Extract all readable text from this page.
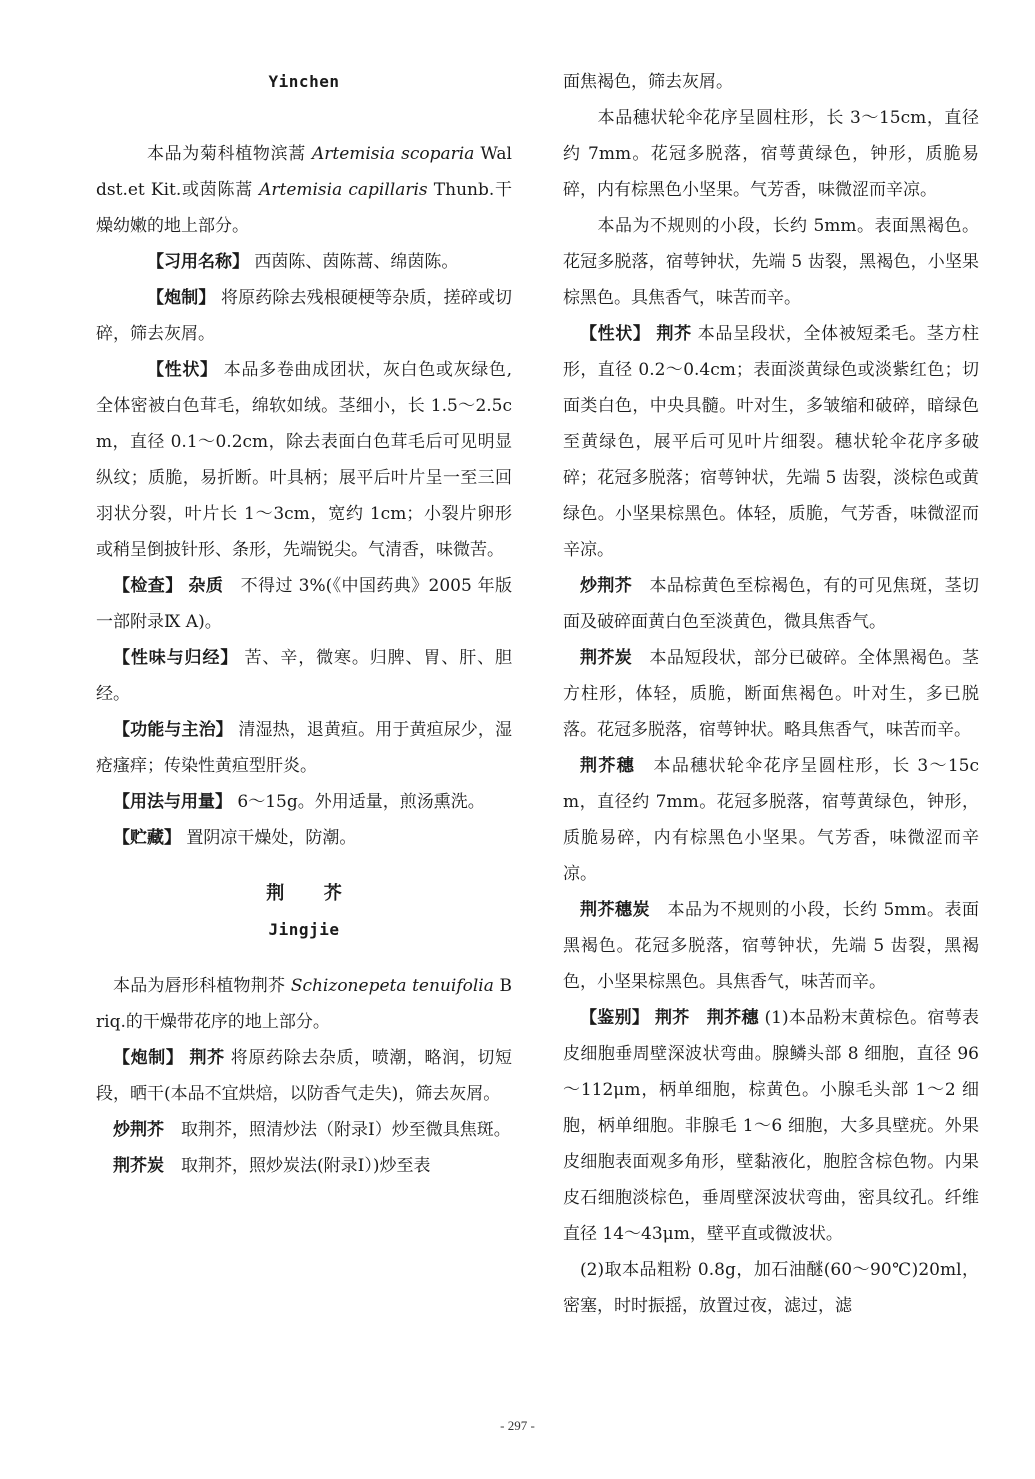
Yinchen

本品为菊科植物滨蒿 Artemisia scoparia Waldst.et Kit.或茵陈蒿 Artemisia capillaris Thunb.干燥幼嫩的地上部分。

【习用名称】 西茵陈、茵陈蒿、绵茵陈。

【炮制】 将原药除去残根硬梗等杂质，搓碎或切碎，筛去灰屑。

【性状】 本品多卷曲成团状，灰白色或灰绿色,全体密被白色茸毛，绵软如绒。茎细小，长 1.5～2.5cm，直径 0.1～0.2cm，除去表面白色茸毛后可见明显纵纹；质脆，易折断。叶具柄；展平后叶片呈一至三回羽状分裂，叶片长 1～3cm，宽约 1cm；小裂片卵形或稍呈倒披针形、条形，先端锐尖。气清香，味微苦。

【检查】 杂质　 不得过 3%(《中国药典》2005 年版一部附录Ⅸ A)。

【性味与归经】 苦、辛，微寒。归脾、胃、肝、胆经。

【功能与主治】 清湿热，退黄疸。用于黄疸尿少，湿疮瘙痒；传染性黄疸型肝炎。

【用法与用量】 6～15g。外用适量，煎汤熏洗。

【贮藏】 置阴凉干燥处，防潮。

荆芥

Jingjie

本品为唇形科植物荆芥 Schizonepeta tenuifolia Briq.的干燥带花序的地上部分。

【炮制】 荆芥 将原药除去杂质，喷潮，略润，切短段，晒干(本品不宜烘焙，以防香气走失)，筛去灰屑。

炒荆芥　 取荆芥，照清炒法（附录Ⅰ）炒至微具焦斑。

荆芥炭　 取荆芥，照炒炭法(附录Ⅰ）)炒至表

面焦褐色，筛去灰屑。

　本品穗状轮伞花序呈圆柱形，长 3～15cm，直径约 7mm。花冠多脱落，宿萼黄绿色，钟形，质脆易碎，内有棕黑色小坚果。气芳香，味微涩而辛凉。

　本品为不规则的小段，长约 5mm。表面黑褐色。花冠多脱落，宿萼钟状，先端 5 齿裂，黑褐色，小坚果棕黑色。具焦香气，味苦而辛。

【性状】 荆芥 本品呈段状，全体被短柔毛。茎方柱形，直径 0.2～0.4cm；表面淡黄绿色或淡紫红色；切面类白色，中央具髓。叶对生，多皱缩和破碎，暗绿色至黄绿色，展平后可见叶片细裂。穗状轮伞花序多破碎；花冠多脱落；宿萼钟状，先端 5 齿裂，淡棕色或黄绿色。小坚果棕黑色。体轻，质脆，气芳香，味微涩而辛凉。

炒荆芥　 本品棕黄色至棕褐色，有的可见焦斑，茎切面及破碎面黄白色至淡黄色，微具焦香气。

荆芥炭　 本品短段状，部分已破碎。全体黑褐色。茎方柱形，体轻，质脆，断面焦褐色。叶对生，多已脱落。花冠多脱落，宿萼钟状。略具焦香气，味苦而辛。

荆芥穗　 本品穗状轮伞花序呈圆柱形，长 3～15cm，直径约 7mm。花冠多脱落，宿萼黄绿色，钟形，质脆易碎，内有棕黑色小坚果。气芳香，味微涩而辛凉。

荆芥穗炭　 本品为不规则的小段，长约 5mm。表面黑褐色。花冠多脱落，宿萼钟状，先端 5 齿裂，黑褐色，小坚果棕黑色。具焦香气，味苦而辛。

【鉴别】 荆芥　荆芥穗 (1)本品粉末黄棕色。宿萼表皮细胞垂周壁深波状弯曲。腺鳞头部 8 细胞，直径 96～112μm，柄单细胞，棕黄色。小腺毛头部 1～2 细胞，柄单细胞。非腺毛 1～6 细胞，大多具壁疣。外果皮细胞表面观多角形，壁黏液化，胞腔含棕色物。内果皮石细胞淡棕色，垂周壁深波状弯曲，密具纹孔。纤维直径 14～43μm，壁平直或微波状。

(2)取本品粗粉 0.8g，加石油醚(60～90℃)20ml，密塞，时时振摇，放置过夜，滤过，滤

- 297 -
